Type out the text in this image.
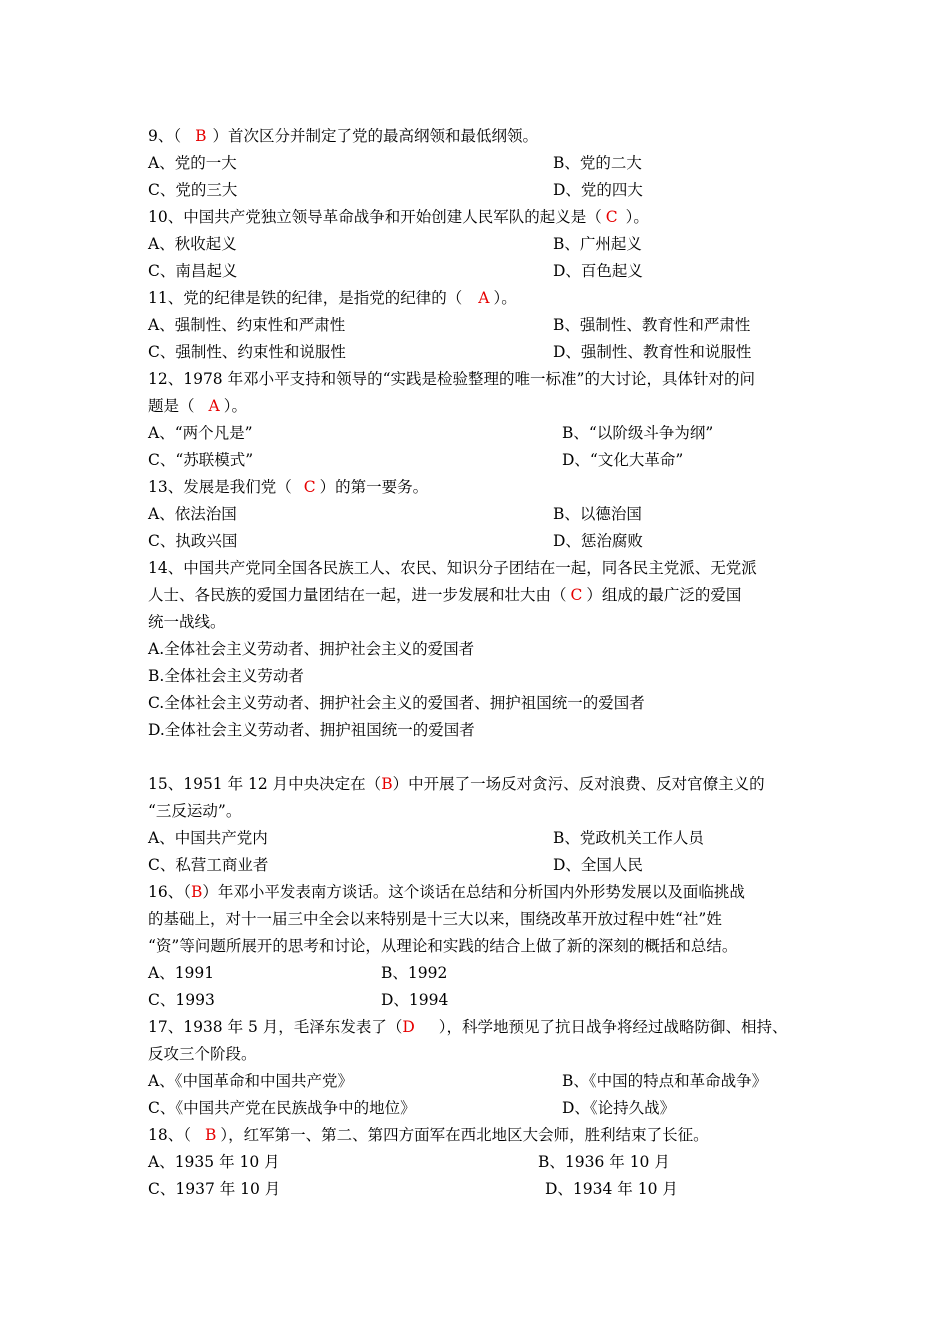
9、（ B ）首次区分并制定了党的最高纲领和最低纲领。
A、党的一大	B、党的二大
C、党的三大	D、党的四大
10、中国共产党独立领导革命战争和开始创建人民军队的起义是（ C ）。
A、秋收起义	B、广州起义
C、南昌起义	D、百色起义
11、党的纪律是铁的纪律，是指党的纪律的（ A ）。
A、强制性、约束性和严肃性	B、强制性、教育性和严肃性
C、强制性、约束性和说服性	D、强制性、教育性和说服性
12、1978 年邓小平支持和领导的“实践是检验整理的唯一标准”的大讨论，具体针对的问
题是（ A ）。
A、“两个凡是”	B、“以阶级斗争为纲”
C、“苏联模式”	D、“文化大革命”
13、发展是我们党（ C ）的第一要务。
A、依法治国	B、以德治国
C、执政兴国	D、惩治腐败
14、中国共产党同全国各民族工人、农民、知识分子团结在一起，同各民主党派、无党派
人士、各民族的爱国力量团结在一起，进一步发展和壮大由（ C ）组成的最广泛的爱国
统一战线。
A.全体社会主义劳动者、拥护社会主义的爱国者
B.全体社会主义劳动者
C.全体社会主义劳动者、拥护社会主义的爱国者、拥护祖国统一的爱国者
D.全体社会主义劳动者、拥护祖国统一的爱国者
15、1951 年 12 月中央决定在（B）中开展了一场反对贪污、反对浪费、反对官僚主义的
“三反运动”。
A、中国共产党内	B、党政机关工作人员
C、私营工商业者	D、全国人民
16、（B）年邓小平发表南方谈话。这个谈话在总结和分析国内外形势发展以及面临挑战
的基础上，对十一届三中全会以来特别是十三大以来，围绕改革开放过程中姓“社”姓
“资”等问题所展开的思考和讨论，从理论和实践的结合上做了新的深刻的概括和总结。
A、1991	B、1992
C、1993	D、1994
17、1938 年 5 月，毛泽东发表了（D ），科学地预见了抗日战争将经过战略防御、相持、
反攻三个阶段。
A、《中国革命和中国共产党》	B、《中国的特点和革命战争》
C、《中国共产党在民族战争中的地位》	D、《论持久战》
18、（ B ），红军第一、第二、第四方面军在西北地区大会师，胜利结束了长征。
A、1935 年 10 月	B、1936 年 10 月
C、1937 年 10 月	D、1934 年 10 月
